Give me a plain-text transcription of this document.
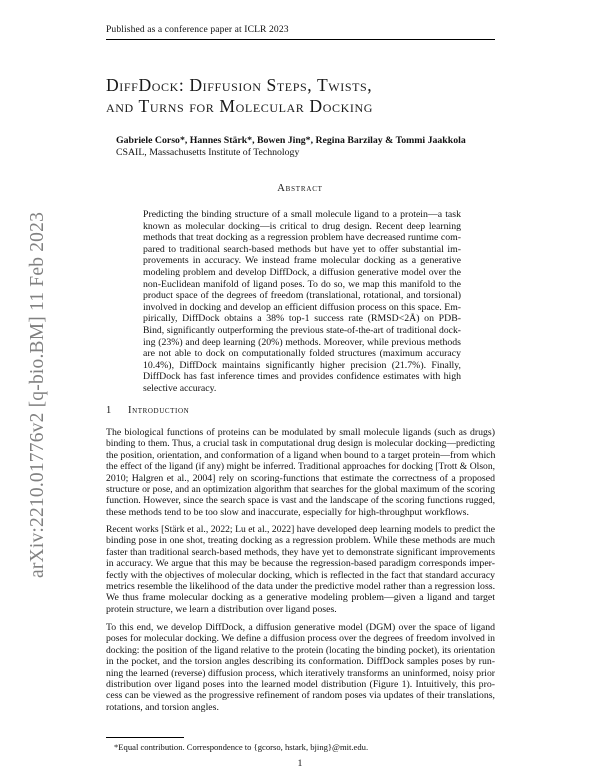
Published as a conference paper at ICLR 2023
arXiv:2210.01776v2 [q-bio.BM] 11 Feb 2023
DiffDock: Diffusion Steps, Twists,
and Turns for Molecular Docking
Gabriele Corso*, Hannes Stärk*, Bowen Jing*, Regina Barzilay & Tommi Jaakkola
CSAIL, Massachusetts Institute of Technology
Abstract
Predicting the binding structure of a small molecule ligand to a protein—a task
known as molecular docking—is critical to drug design. Recent deep learning
methods that treat docking as a regression problem have decreased runtime com-
pared to traditional search-based methods but have yet to offer substantial im-
provements in accuracy. We instead frame molecular docking as a generative
modeling problem and develop DiffDock, a diffusion generative model over the
non-Euclidean manifold of ligand poses. To do so, we map this manifold to the
product space of the degrees of freedom (translational, rotational, and torsional)
involved in docking and develop an efficient diffusion process on this space. Em-
pirically, DiffDock obtains a 38% top-1 success rate (RMSD<2Å) on PDB-
Bind, significantly outperforming the previous state-of-the-art of traditional dock-
ing (23%) and deep learning (20%) methods. Moreover, while previous methods
are not able to dock on computationally folded structures (maximum accuracy
10.4%), DiffDock maintains significantly higher precision (21.7%). Finally,
DiffDock has fast inference times and provides confidence estimates with high
selective accuracy.
1 Introduction
The biological functions of proteins can be modulated by small molecule ligands (such as drugs)
binding to them. Thus, a crucial task in computational drug design is molecular docking—predicting
the position, orientation, and conformation of a ligand when bound to a target protein—from which
the effect of the ligand (if any) might be inferred. Traditional approaches for docking [Trott & Olson,
2010; Halgren et al., 2004] rely on scoring-functions that estimate the correctness of a proposed
structure or pose, and an optimization algorithm that searches for the global maximum of the scoring
function. However, since the search space is vast and the landscape of the scoring functions rugged,
these methods tend to be too slow and inaccurate, especially for high-throughput workflows.
Recent works [Stärk et al., 2022; Lu et al., 2022] have developed deep learning models to predict the
binding pose in one shot, treating docking as a regression problem. While these methods are much
faster than traditional search-based methods, they have yet to demonstrate significant improvements
in accuracy. We argue that this may be because the regression-based paradigm corresponds imper-
fectly with the objectives of molecular docking, which is reflected in the fact that standard accuracy
metrics resemble the likelihood of the data under the predictive model rather than a regression loss.
We thus frame molecular docking as a generative modeling problem—given a ligand and target
protein structure, we learn a distribution over ligand poses.
To this end, we develop DiffDock, a diffusion generative model (DGM) over the space of ligand
poses for molecular docking. We define a diffusion process over the degrees of freedom involved in
docking: the position of the ligand relative to the protein (locating the binding pocket), its orientation
in the pocket, and the torsion angles describing its conformation. DiffDock samples poses by run-
ning the learned (reverse) diffusion process, which iteratively transforms an uninformed, noisy prior
distribution over ligand poses into the learned model distribution (Figure 1). Intuitively, this pro-
cess can be viewed as the progressive refinement of random poses via updates of their translations,
rotations, and torsion angles.
*Equal contribution. Correspondence to {gcorso, hstark, bjing}@mit.edu.
1
